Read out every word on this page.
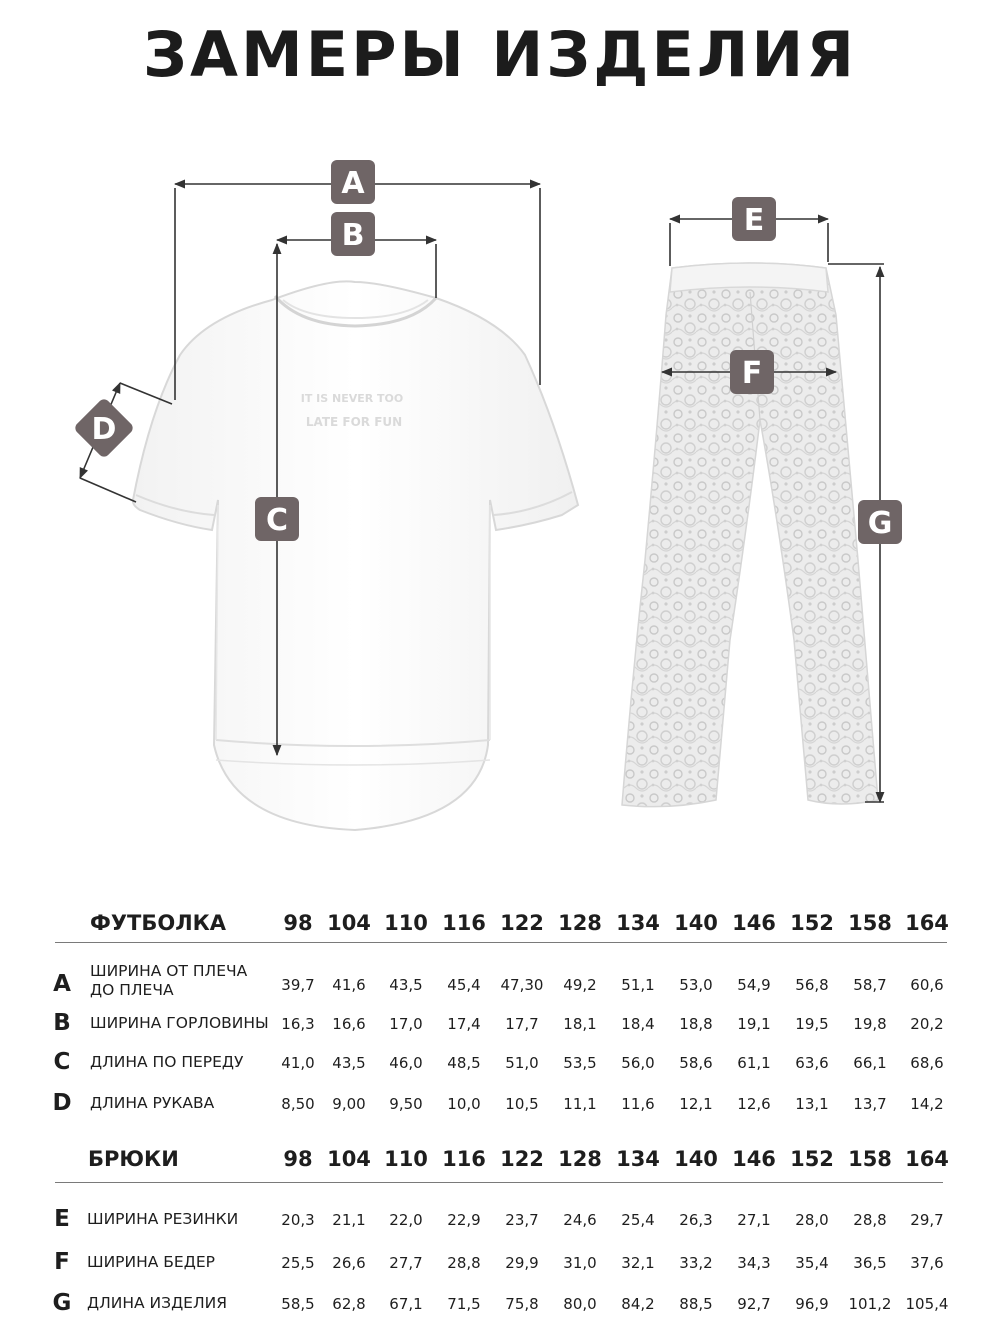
ЗАМЕРЫ ИЗДЕЛИЯ
IT IS NEVER TOO
LATE FOR FUN
A
B
C
D
E
F
G
ФУТБОЛКА	98 104 110 116 122 128 134 140 146 152 158 164
A ШИРИНА ОТ ПЛЕЧА ДО ПЛЕЧА	39,7	41,6	43,5	45,4	47,30	49,2	51,1	53,0	54,9	56,8	58,7	60,6
B ШИРИНА ГОРЛОВИНЫ 16,3	16,6	17,0	17,4	17,7	18,1	18,4	18,8	19,1	19,5	19,8	20,2
C ДЛИНА ПО ПЕРЕДУ	41,0	43,5	46,0	48,5	51,0	53,5	56,0	58,6	61,1	63,6	66,1	68,6
D ДЛИНА РУКАВА	8,50	9,00	9,50	10,0	10,5	11,1	11,6	12,1	12,6	13,1	13,7	14,2
БРЮКИ	98 104 110 116 122 128 134 140 146 152 158 164
E ШИРИНА РЕЗИНКИ	20,3	21,1	22,0	22,9	23,7	24,6	25,4	26,3	27,1	28,0	28,8	29,7
F ШИРИНА БЕДЕР	25,5	26,6	27,7	28,8	29,9	31,0	32,1	33,2	34,3	35,4	36,5	37,6
G ДЛИНА ИЗДЕЛИЯ	58,5	62,8	67,1	71,5	75,8	80,0	84,2	88,5	92,7	96,9	101,2 105,4
